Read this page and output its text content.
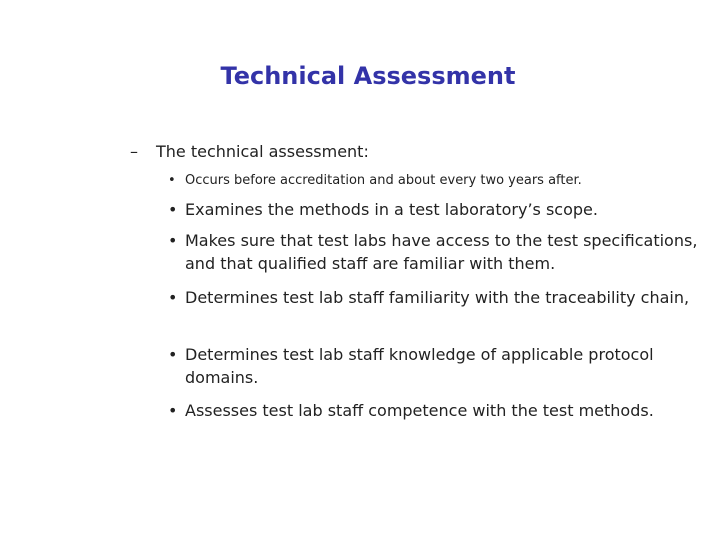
Technical Assessment
– The technical assessment:
• Occurs before accreditation and about every two years after.
• Examines the methods in a test laboratory’s scope.
• Makes sure that test labs have access to the test specifications, and that qualified staff are familiar with them.
• Determines test lab staff familiarity with the traceability chain,
• Determines test lab staff knowledge of applicable protocol domains.
• Assesses test lab staff competence with the test methods.
